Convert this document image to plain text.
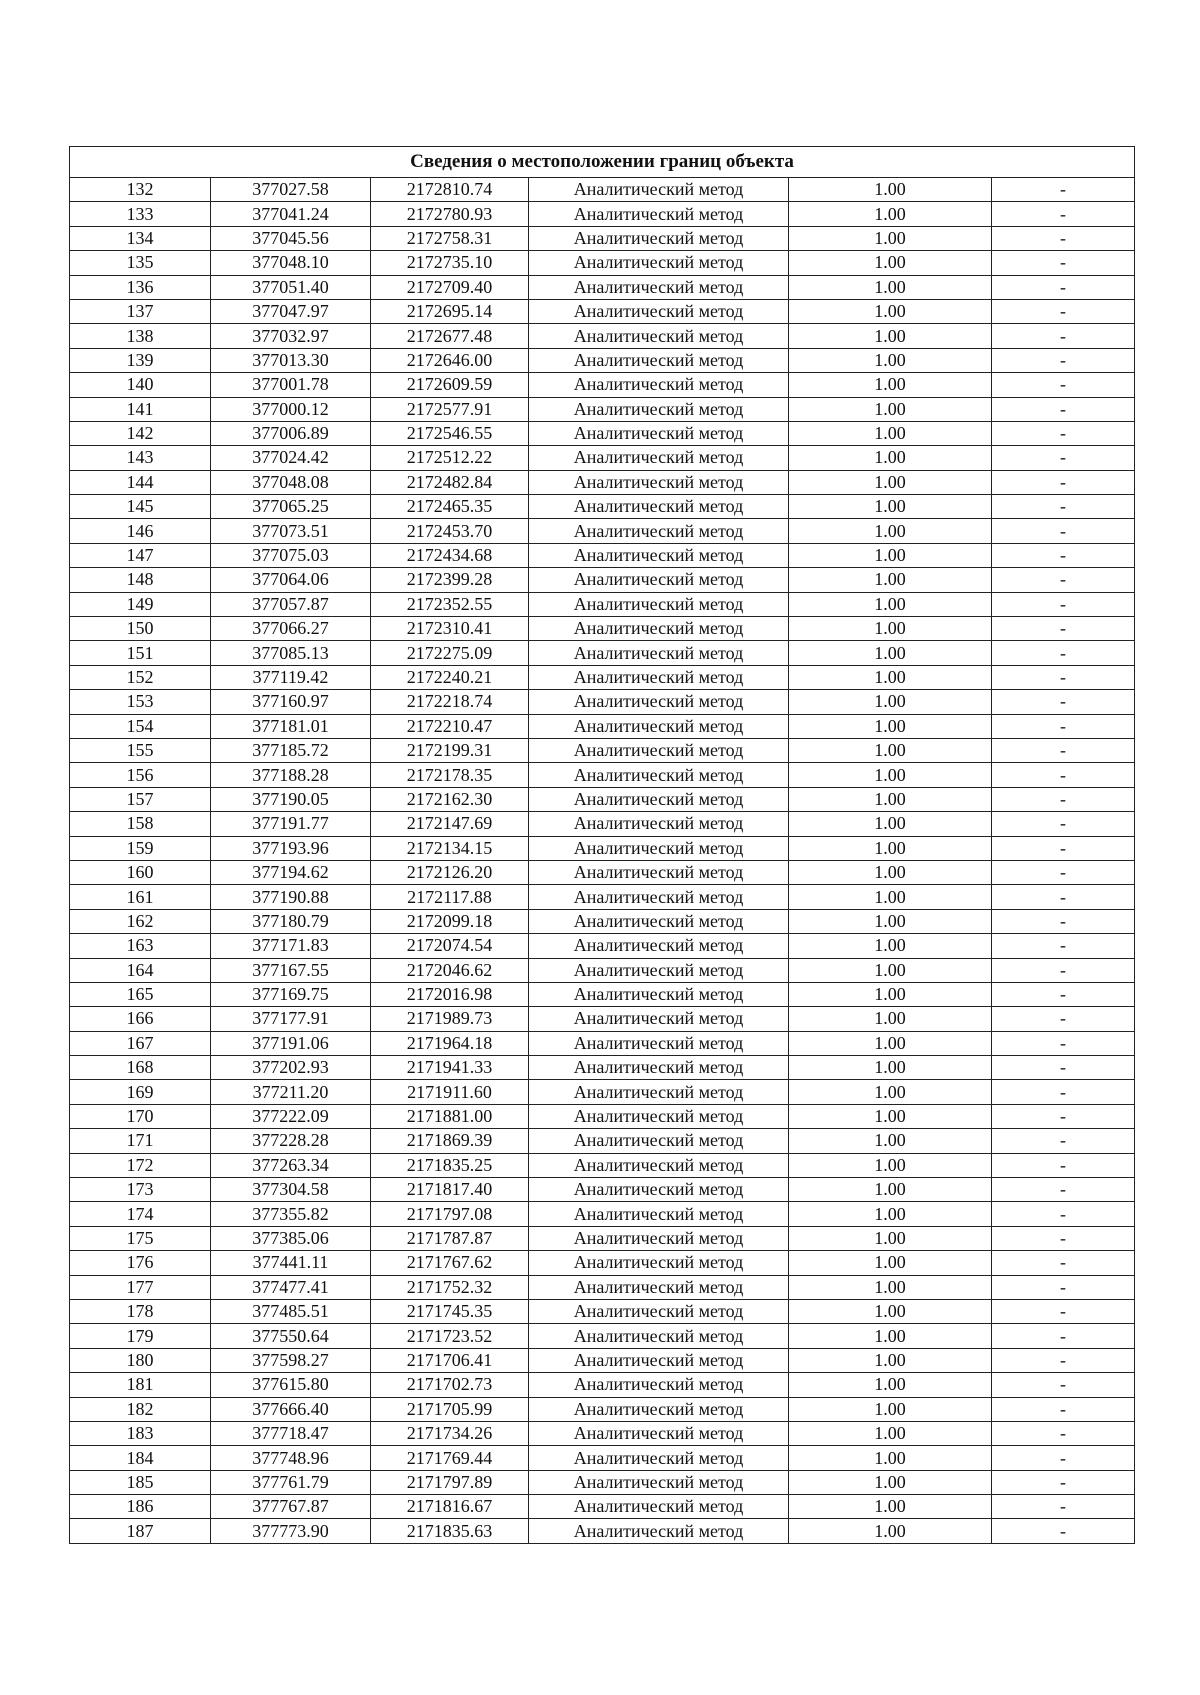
Сведения о местоположении границ объекта					
132	377027.58	2172810.74	Аналитический метод	1.00	-
133	377041.24	2172780.93	Аналитический метод	1.00	-
134	377045.56	2172758.31	Аналитический метод	1.00	-
135	377048.10	2172735.10	Аналитический метод	1.00	-
136	377051.40	2172709.40	Аналитический метод	1.00	-
137	377047.97	2172695.14	Аналитический метод	1.00	-
138	377032.97	2172677.48	Аналитический метод	1.00	-
139	377013.30	2172646.00	Аналитический метод	1.00	-
140	377001.78	2172609.59	Аналитический метод	1.00	-
141	377000.12	2172577.91	Аналитический метод	1.00	-
142	377006.89	2172546.55	Аналитический метод	1.00	-
143	377024.42	2172512.22	Аналитический метод	1.00	-
144	377048.08	2172482.84	Аналитический метод	1.00	-
145	377065.25	2172465.35	Аналитический метод	1.00	-
146	377073.51	2172453.70	Аналитический метод	1.00	-
147	377075.03	2172434.68	Аналитический метод	1.00	-
148	377064.06	2172399.28	Аналитический метод	1.00	-
149	377057.87	2172352.55	Аналитический метод	1.00	-
150	377066.27	2172310.41	Аналитический метод	1.00	-
151	377085.13	2172275.09	Аналитический метод	1.00	-
152	377119.42	2172240.21	Аналитический метод	1.00	-
153	377160.97	2172218.74	Аналитический метод	1.00	-
154	377181.01	2172210.47	Аналитический метод	1.00	-
155	377185.72	2172199.31	Аналитический метод	1.00	-
156	377188.28	2172178.35	Аналитический метод	1.00	-
157	377190.05	2172162.30	Аналитический метод	1.00	-
158	377191.77	2172147.69	Аналитический метод	1.00	-
159	377193.96	2172134.15	Аналитический метод	1.00	-
160	377194.62	2172126.20	Аналитический метод	1.00	-
161	377190.88	2172117.88	Аналитический метод	1.00	-
162	377180.79	2172099.18	Аналитический метод	1.00	-
163	377171.83	2172074.54	Аналитический метод	1.00	-
164	377167.55	2172046.62	Аналитический метод	1.00	-
165	377169.75	2172016.98	Аналитический метод	1.00	-
166	377177.91	2171989.73	Аналитический метод	1.00	-
167	377191.06	2171964.18	Аналитический метод	1.00	-
168	377202.93	2171941.33	Аналитический метод	1.00	-
169	377211.20	2171911.60	Аналитический метод	1.00	-
170	377222.09	2171881.00	Аналитический метод	1.00	-
171	377228.28	2171869.39	Аналитический метод	1.00	-
172	377263.34	2171835.25	Аналитический метод	1.00	-
173	377304.58	2171817.40	Аналитический метод	1.00	-
174	377355.82	2171797.08	Аналитический метод	1.00	-
175	377385.06	2171787.87	Аналитический метод	1.00	-
176	377441.11	2171767.62	Аналитический метод	1.00	-
177	377477.41	2171752.32	Аналитический метод	1.00	-
178	377485.51	2171745.35	Аналитический метод	1.00	-
179	377550.64	2171723.52	Аналитический метод	1.00	-
180	377598.27	2171706.41	Аналитический метод	1.00	-
181	377615.80	2171702.73	Аналитический метод	1.00	-
182	377666.40	2171705.99	Аналитический метод	1.00	-
183	377718.47	2171734.26	Аналитический метод	1.00	-
184	377748.96	2171769.44	Аналитический метод	1.00	-
185	377761.79	2171797.89	Аналитический метод	1.00	-
186	377767.87	2171816.67	Аналитический метод	1.00	-
187	377773.90	2171835.63	Аналитический метод	1.00	-
